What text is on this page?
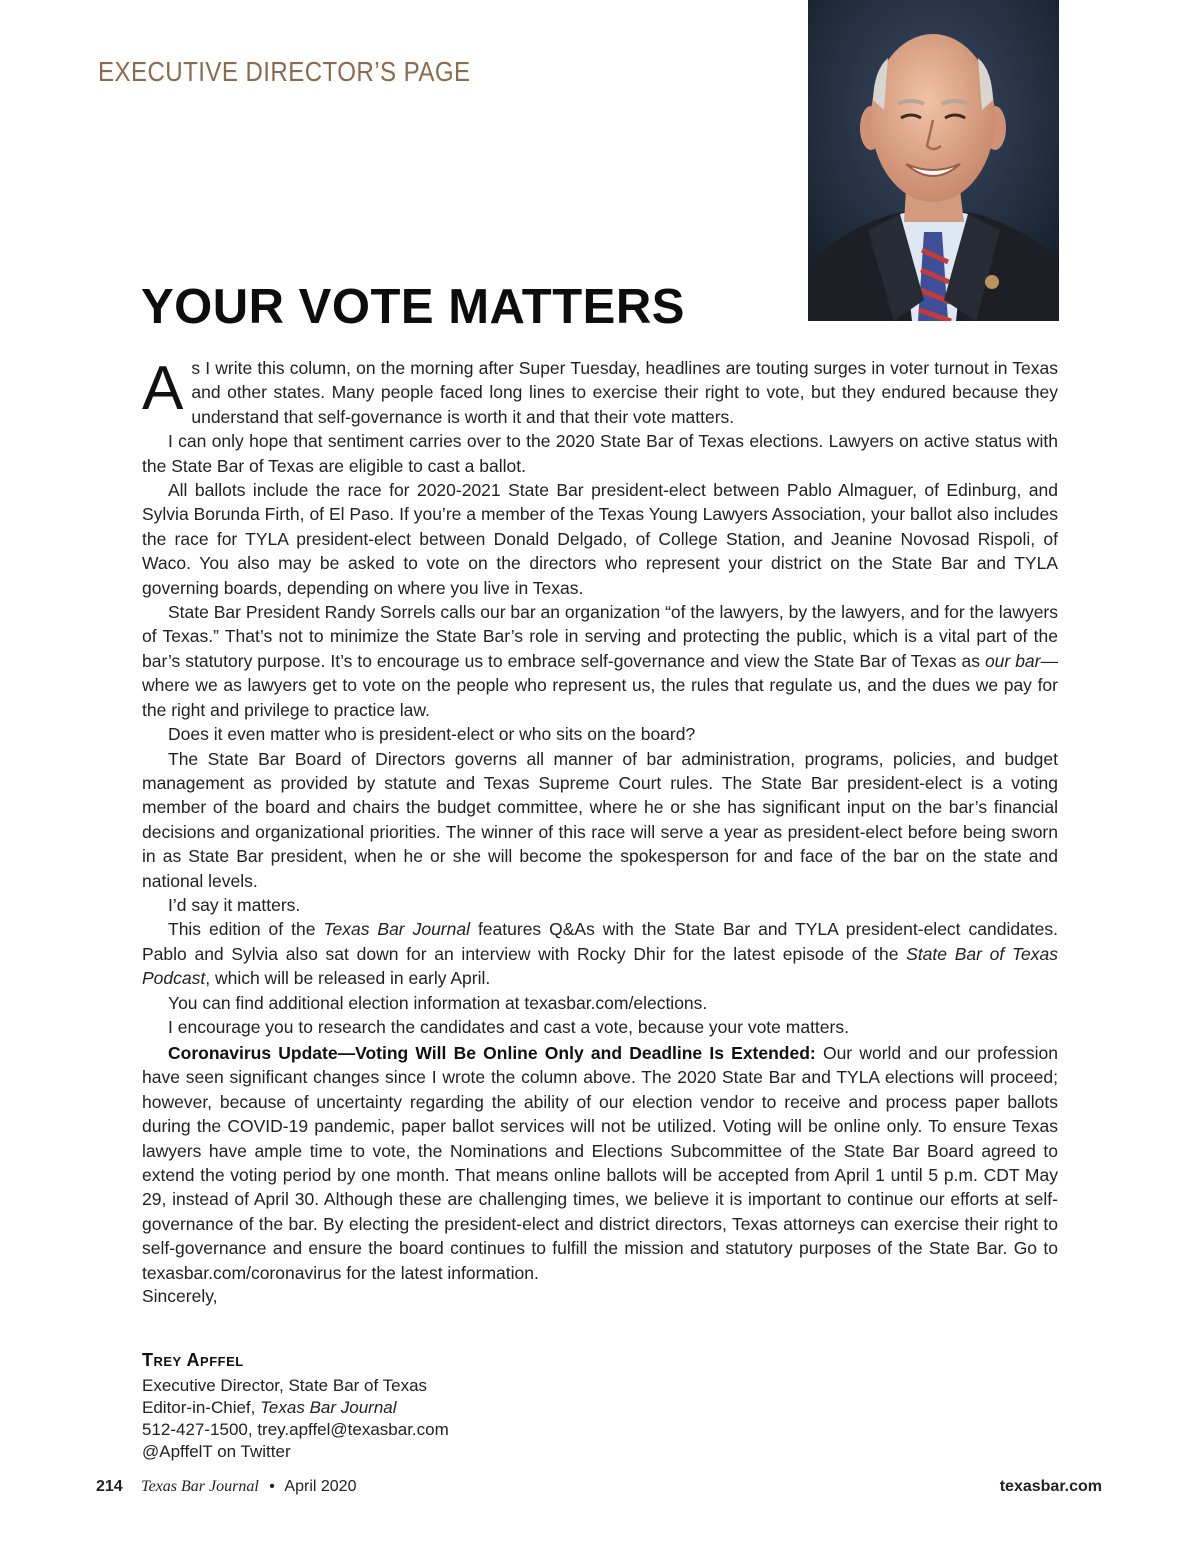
EXECUTIVE DIRECTOR’S PAGE
YOUR VOTE MATTERS

As I write this column, on the morning after Super Tuesday, headlines are touting surges in voter turnout in Texas and other states. Many people faced long lines to exercise their right to vote, but they endured because they understand that self-governance is worth it and that their vote matters.

I can only hope that sentiment carries over to the 2020 State Bar of Texas elections. Lawyers on active status with the State Bar of Texas are eligible to cast a ballot.

All ballots include the race for 2020-2021 State Bar president-elect between Pablo Almaguer, of Edinburg, and Sylvia Borunda Firth, of El Paso. If you’re a member of the Texas Young Lawyers Association, your ballot also includes the race for TYLA president-elect between Donald Delgado, of College Station, and Jeanine Novosad Rispoli, of Waco. You also may be asked to vote on the directors who represent your district on the State Bar and TYLA governing boards, depending on where you live in Texas.

State Bar President Randy Sorrels calls our bar an organization “of the lawyers, by the lawyers, and for the lawyers of Texas.” That’s not to minimize the State Bar’s role in serving and protecting the public, which is a vital part of the bar’s statutory purpose. It’s to encourage us to embrace self-governance and view the State Bar of Texas as our bar—where we as lawyers get to vote on the people who represent us, the rules that regulate us, and the dues we pay for the right and privilege to practice law.

Does it even matter who is president-elect or who sits on the board?

The State Bar Board of Directors governs all manner of bar administration, programs, policies, and budget management as provided by statute and Texas Supreme Court rules. The State Bar president-elect is a voting member of the board and chairs the budget committee, where he or she has significant input on the bar’s financial decisions and organizational priorities. The winner of this race will serve a year as president-elect before being sworn in as State Bar president, when he or she will become the spokesperson for and face of the bar on the state and national levels.

I’d say it matters.

This edition of the Texas Bar Journal features Q&As with the State Bar and TYLA president-elect candidates. Pablo and Sylvia also sat down for an interview with Rocky Dhir for the latest episode of the State Bar of Texas Podcast, which will be released in early April.

You can find additional election information at texasbar.com/elections.

I encourage you to research the candidates and cast a vote, because your vote matters.

Coronavirus Update—Voting Will Be Online Only and Deadline Is Extended: Our world and our profession have seen significant changes since I wrote the column above. The 2020 State Bar and TYLA elections will proceed; however, because of uncertainty regarding the ability of our election vendor to receive and process paper ballots during the COVID-19 pandemic, paper ballot services will not be utilized. Voting will be online only. To ensure Texas lawyers have ample time to vote, the Nominations and Elections Subcommittee of the State Bar Board agreed to extend the voting period by one month. That means online ballots will be accepted from April 1 until 5 p.m. CDT May 29, instead of April 30. Although these are challenging times, we believe it is important to continue our efforts at self-governance of the bar. By electing the president-elect and district directors, Texas attorneys can exercise their right to self-governance and ensure the board continues to fulfill the mission and statutory purposes of the State Bar. Go to texasbar.com/coronavirus for the latest information.

Sincerely,

Trey Apffel
Executive Director, State Bar of Texas
Editor-in-Chief, Texas Bar Journal
512-427-1500, trey.apffel@texasbar.com
@ApffelT on Twitter
214 Texas Bar Journal • April 2020	texasbar.com
